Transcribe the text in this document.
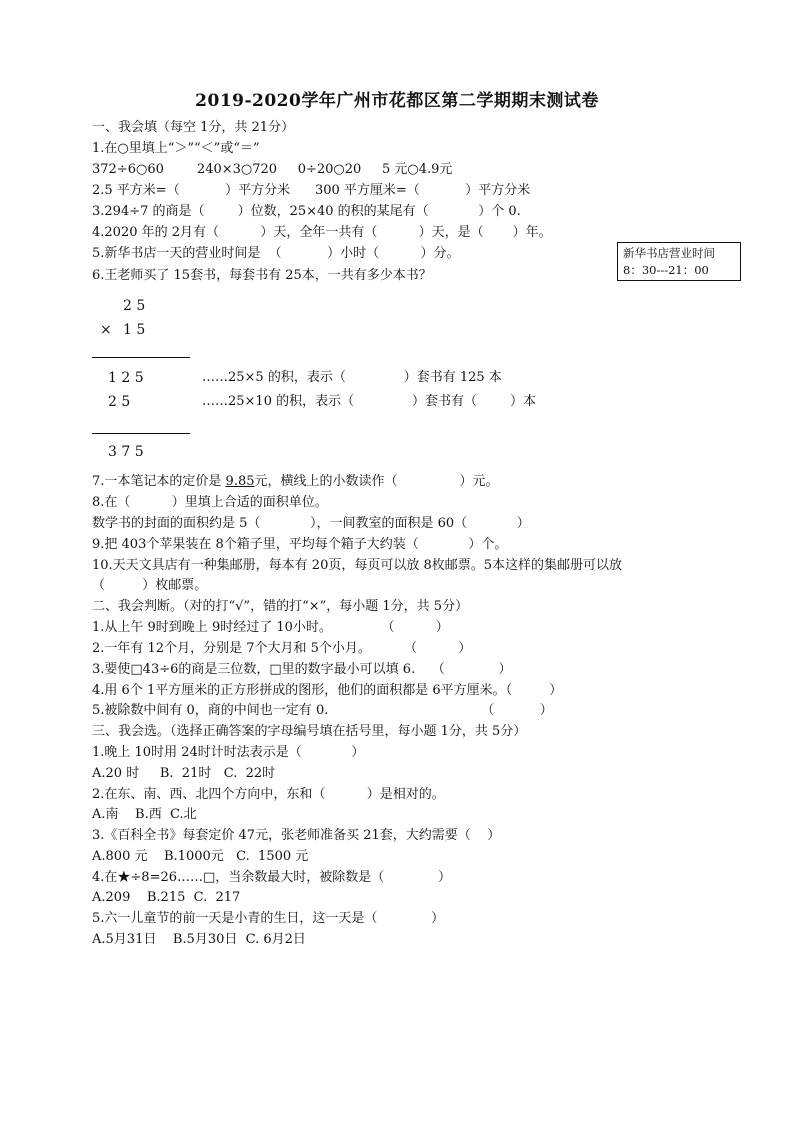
2019-2020学年广州市花都区第二学期期末测试卷
一、我会填（每空 1分，共 21分）
1.在○里填上“＞”“＜”或“＝”
372÷6○60        240×3○720     0÷20○20     5 元○4.9元
2.5 平方米=（           ）平方分米      300 平方厘米=（           ）平方分米
3.294÷7 的商是（        ）位数，25×40 的积的某尾有（            ）个 0.
4.2020 年的 2月有（          ）天，全年一共有（          ）天，是（       ）年。
5.新华书店一天的营业时间是  （           ）小时（          ）分。
6.王老师买了 15套书，每套书有 25本，一共有多少本书？
新华书店营业时间
8：30---21：00
2 5
× 1 5
1 2 5	……25×5 的积，表示（              ）套书有 125 本
2 5	……25×10 的积，表示（              ）套书有（        ）本
3 7 5
7.一本笔记本的定价是 9.85元，横线上的小数读作（               ）元。
8.在（          ）里填上合适的面积单位。
数学书的封面的面积约是 5（            ），一间教室的面积是 60（            ）
9.把 403个苹果装在 8个箱子里，平均每个箱子大约装（            ）个。
10.天天文具店有一种集邮册，每本有 20页，每页可以放 8枚邮票。5本这样的集邮册可以放
（         ）枚邮票。
二、我会判断。（对的打“√”，错的打“×”，每小题 1分，共 5分）
1.从上午 9时到晚上 9时经过了 10小时。            （          ）
2.一年有 12个月，分别是 7个大月和 5个小月。        （          ）
3.要使□43÷6的商是三位数，□里的数字最小可以填 6.    （             ）
4.用 6个 1平方厘米的正方形拼成的图形，他们的面积都是 6平方厘米。（         ）
5.被除数中间有 0，商的中间也一定有 0.                                     （           ）
三、我会选。（选择正确答案的字母编号填在括号里，每小题 1分，共 5分）
1.晚上 10时用 24时计时法表示是（            ）
A.20 时     B.  21时   C.  22时
2.在东、南、西、北四个方向中，东和（          ）是相对的。
A.南    B.西  C.北
3.《百科全书》每套定价 47元，张老师准备买 21套，大约需要（    ）
A.800 元    B.1000元   C.  1500 元
4.在★÷8=26……□，当余数最大时，被除数是（             ）
A.209    B.215  C.  217
5.六一儿童节的前一天是小青的生日，这一天是（             ）
A.5月31日    B.5月30日  C. 6月2日
